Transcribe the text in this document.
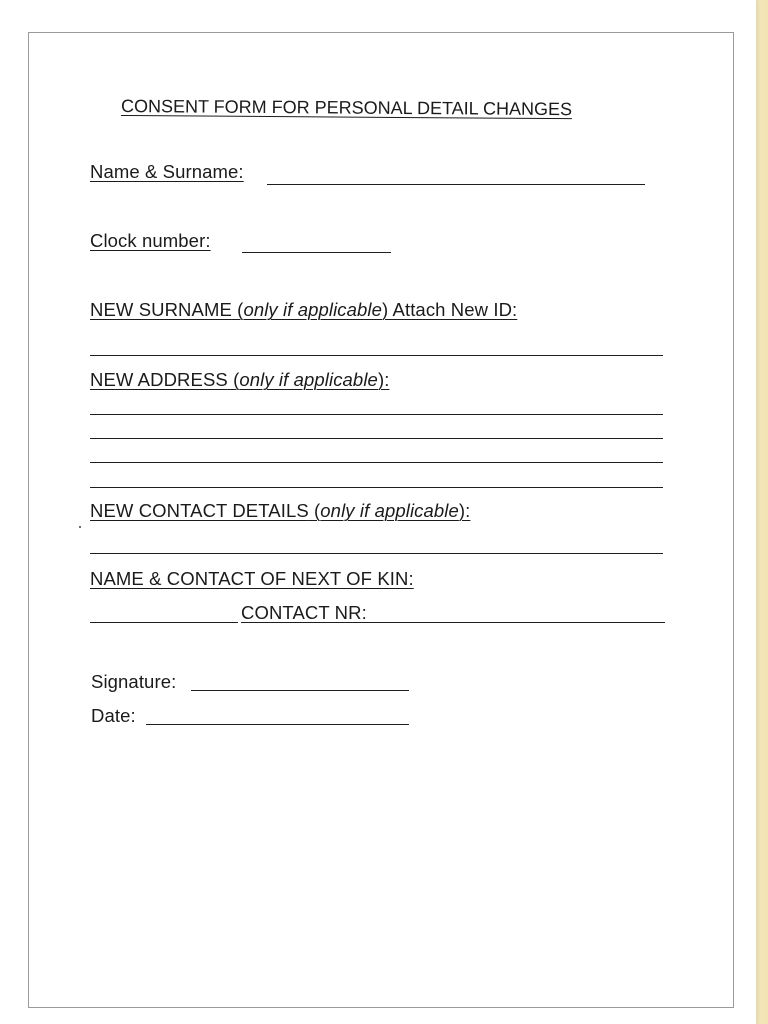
CONSENT FORM FOR PERSONAL DETAIL CHANGES
Name & Surname:
Clock number:
NEW SURNAME (only if applicable) Attach New ID:
NEW ADDRESS (only if applicable):
NEW CONTACT DETAILS (only if applicable):
NAME & CONTACT OF NEXT OF KIN:
CONTACT NR:
Signature:
Date:
